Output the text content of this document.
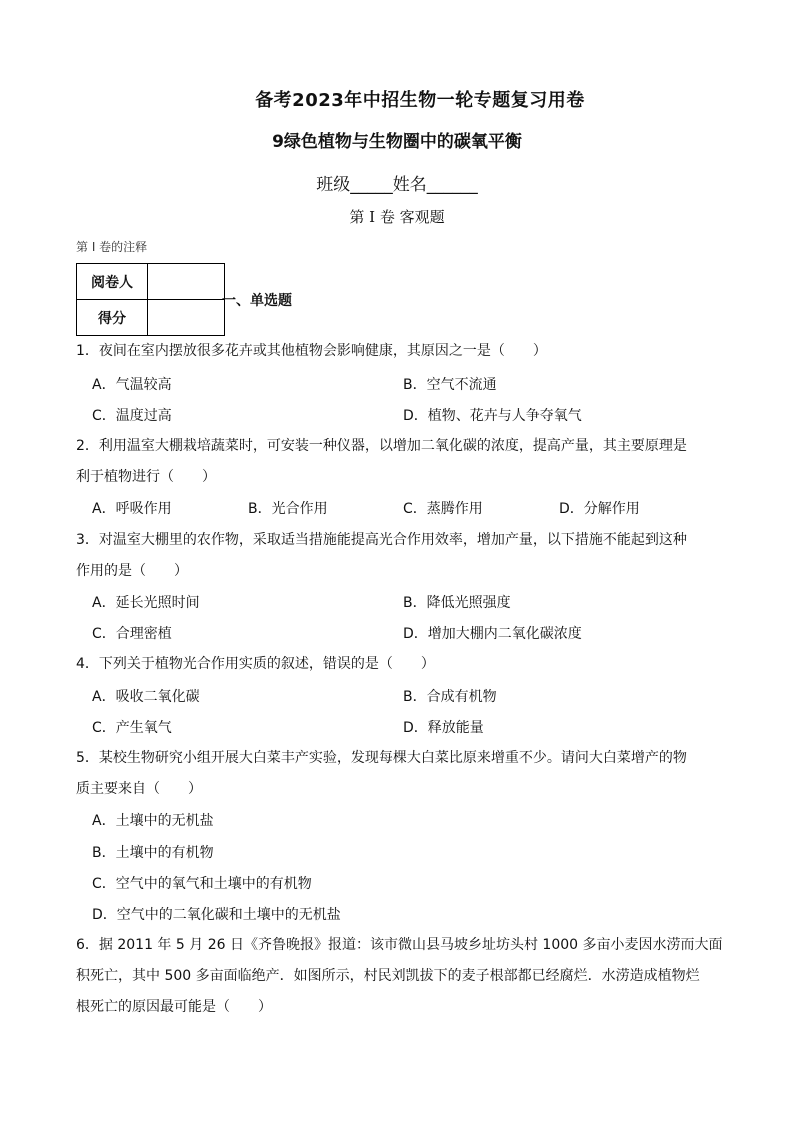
备考2023年中招生物一轮专题复习用卷
9绿色植物与生物圈中的碳氧平衡
班级_____姓名______
第 I 卷 客观题
第 I 卷的注释
阅卷人	
得分	
一、单选题
1．夜间在室内摆放很多花卉或其他植物会影响健康，其原因之一是（　　）
A．气温较高	B．空气不流通
C．温度过高	D．植物、花卉与人争夺氧气
2．利用温室大棚栽培蔬菜时，可安装一种仪器，以增加二氧化碳的浓度，提高产量，其主要原理是
利于植物进行（　　）
A．呼吸作用	B．光合作用	C．蒸腾作用	D．分解作用
3．对温室大棚里的农作物，采取适当措施能提高光合作用效率，增加产量，以下措施不能起到这种
作用的是（　　）
A．延长光照时间	B．降低光照强度
C．合理密植	D．增加大棚内二氧化碳浓度
4．下列关于植物光合作用实质的叙述，错误的是（　　）
A．吸收二氧化碳	B．合成有机物
C．产生氧气	D．释放能量
5．某校生物研究小组开展大白菜丰产实验，发现每棵大白菜比原来增重不少。请问大白菜增产的物
质主要来自（　　）
A．土壤中的无机盐
B．土壤中的有机物
C．空气中的氧气和土壤中的有机物
D．空气中的二氧化碳和土壤中的无机盐
6．据 2011 年 5 月 26 日《齐鲁晚报》报道：该市微山县马坡乡址坊头村 1000 多亩小麦因水涝而大面
积死亡，其中 500 多亩面临绝产．如图所示，村民刘凯拔下的麦子根部都已经腐烂．水涝造成植物烂
根死亡的原因最可能是（　　）
